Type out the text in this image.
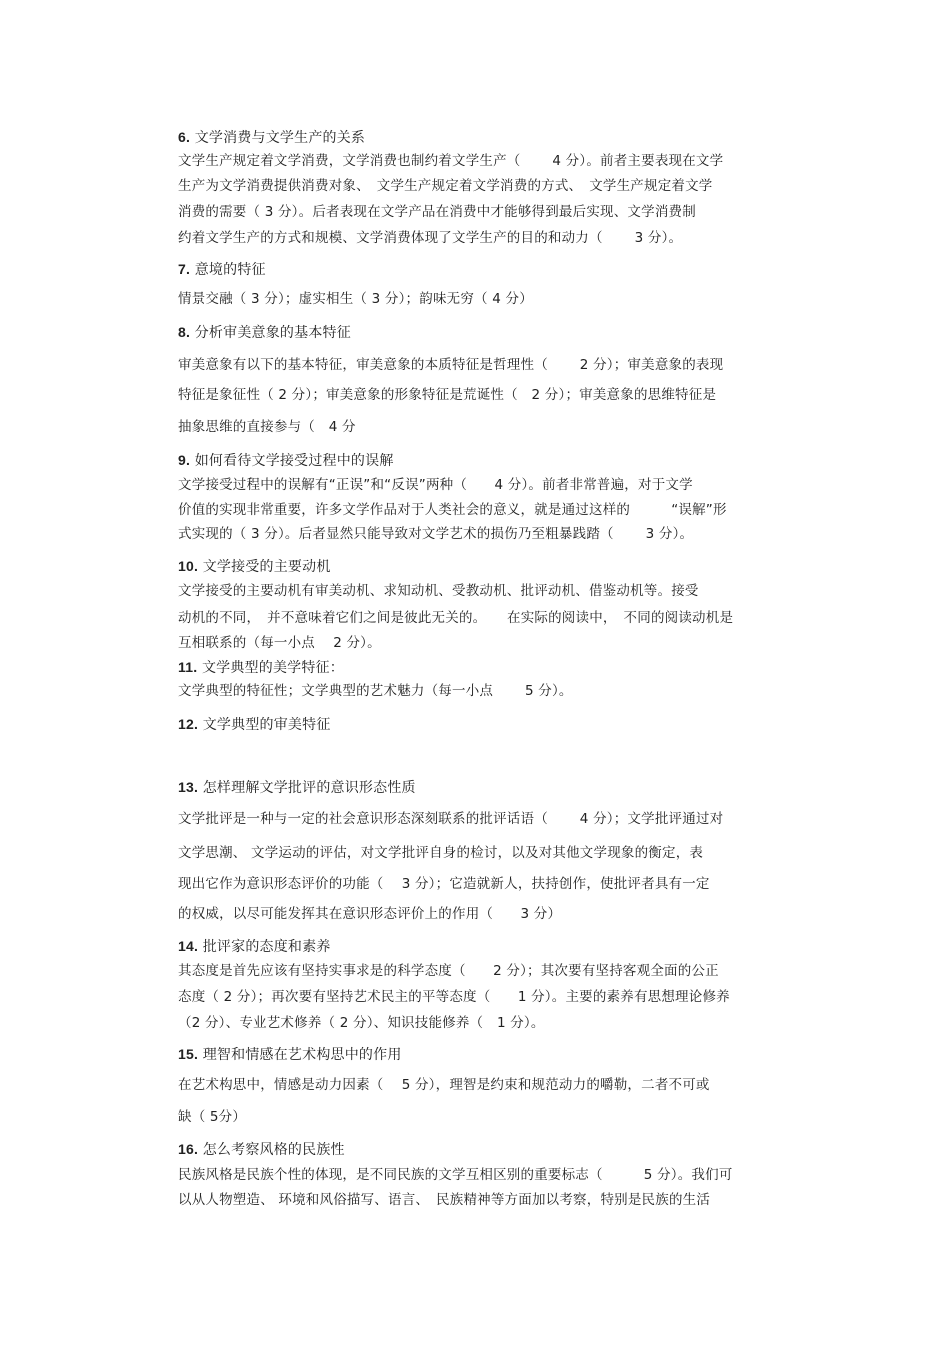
6. 文学消费与文学生产的关系
文学生产规定着文学消费，文学消费也制约着文学生产（　　 4 分）。前者主要表现在文学
生产为文学消费提供消费对象、　文学生产规定着文学消费的方式、　文学生产规定着文学
消费的需要（ 3 分）。后者表现在文学产品在消费中才能够得到最后实现、文学消费制
约着文学生产的方式和规模、文学消费体现了文学生产的目的和动力（　　 3 分）。
7. 意境的特征
情景交融（ 3 分）；虚实相生（ 3 分）；韵味无穷（ 4 分）
8. 分析审美意象的基本特征
审美意象有以下的基本特征，审美意象的本质特征是哲理性（　　 2 分）；审美意象的表现
特征是象征性（ 2 分）；审美意象的形象特征是荒诞性（　2 分）；审美意象的思维特征是
抽象思维的直接参与（　4 分
9. 如何看待文学接受过程中的误解
文学接受过程中的误解有“正误”和“反误”两种（　　4 分）。前者非常普遍，对于文学
价值的实现非常重要，许多文学作品对于人类社会的意义，就是通过这样的　　　“误解”形
式实现的（ 3 分）。后者显然只能导致对文学艺术的损伤乃至粗暴践踏（　　 3 分）。
10. 文学接受的主要动机
文学接受的主要动机有审美动机、求知动机、受教动机、批评动机、借鉴动机等。接受
动机的不同，　并不意味着它们之间是彼此无关的。　　在实际的阅读中，　不同的阅读动机是
互相联系的（每一小点　 2 分）。
11. 文学典型的美学特征：
文学典型的特征性；文学典型的艺术魅力（每一小点　　 5 分）。
12. 文学典型的审美特征
13. 怎样理解文学批评的意识形态性质
文学批评是一种与一定的社会意识形态深刻联系的批评话语（　　 4 分）；文学批评通过对
文学思潮、 文学运动的评估，对文学批评自身的检讨，以及对其他文学现象的衡定，表
现出它作为意识形态评价的功能（　 3 分）；它造就新人，扶持创作，使批评者具有一定
的权威，以尽可能发挥其在意识形态评价上的作用（　　3 分）
14. 批评家的态度和素养
其态度是首先应该有坚持实事求是的科学态度（　　2 分）；其次要有坚持客观全面的公正
态度（ 2 分）；再次要有坚持艺术民主的平等态度（　　1 分）。主要的素养有思想理论修养
（2 分）、专业艺术修养（ 2 分）、知识技能修养（　1 分）。
15. 理智和情感在艺术构思中的作用
在艺术构思中，情感是动力因素（　 5 分），理智是约束和规范动力的嚼勒，二者不可或
缺（ 5分）
16. 怎么考察风格的民族性
民族风格是民族个性的体现，是不同民族的文学互相区别的重要标志（　　　5 分）。我们可
以从人物塑造、 环境和风俗描写、语言、　民族精神等方面加以考察，特别是民族的生活
